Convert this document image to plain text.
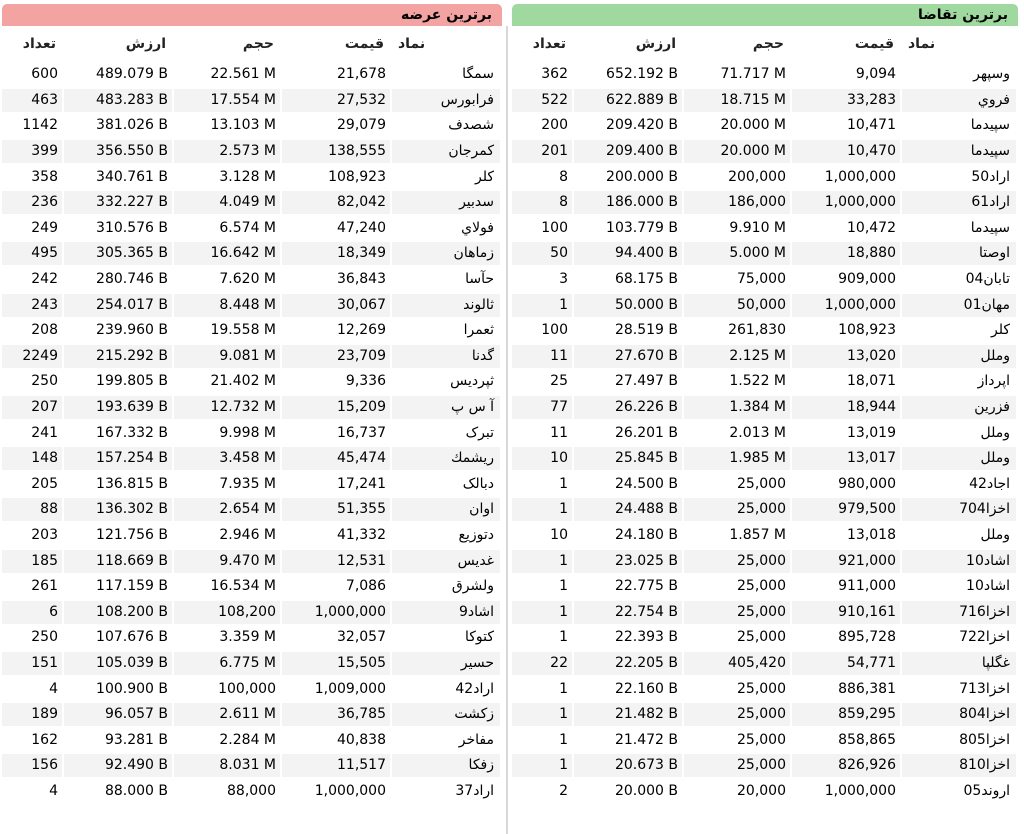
برترین عرضه
تعداد	ارزش	حجم	قیمت	نماد
600	489.079 B	22.561 M	21,678	سمگا
463	483.283 B	17.554 M	27,532	فرابورس
1142	381.026 B	13.103 M	29,079	شصدف
399	356.550 B	2.573 M	138,555	کمرجان
358	340.761 B	3.128 M	108,923	کلر
236	332.227 B	4.049 M	82,042	سدبیر
249	310.576 B	6.574 M	47,240	فولاي
495	305.365 B	16.642 M	18,349	زماهان
242	280.746 B	7.620 M	36,843	حآسا
243	254.017 B	8.448 M	30,067	ثالوند
208	239.960 B	19.558 M	12,269	ثعمرا
2249	215.292 B	9.081 M	23,709	گدنا
250	199.805 B	21.402 M	9,336	ثپردیس
207	193.639 B	12.732 M	15,209	آ س پ
241	167.332 B	9.998 M	16,737	تبرک
148	157.254 B	3.458 M	45,474	ریشمك
205	136.815 B	7.935 M	17,241	دبالک
88	136.302 B	2.654 M	51,355	اوان
203	121.756 B	2.946 M	41,332	دتوزیع
185	118.669 B	9.470 M	12,531	غدیس
261	117.159 B	16.534 M	7,086	ولشرق
6	108.200 B	108,200	1,000,000	اشاد9
250	107.676 B	3.359 M	32,057	کتوکا
151	105.039 B	6.775 M	15,505	حسیر
4	100.900 B	100,000	1,009,000	اراد42
189	96.057 B	2.611 M	36,785	زکشت
162	93.281 B	2.284 M	40,838	مفاخر
156	92.490 B	8.031 M	11,517	زفکا
4	88.000 B	88,000	1,000,000	اراد37
برترین تقاضا
تعداد	ارزش	حجم	قیمت	نماد
362	652.192 B	71.717 M	9,094	وسپهر
522	622.889 B	18.715 M	33,283	فروي
200	209.420 B	20.000 M	10,471	سپیدما
201	209.400 B	20.000 M	10,470	سپیدما
8	200.000 B	200,000	1,000,000	اراد50
8	186.000 B	186,000	1,000,000	اراد61
100	103.779 B	9.910 M	10,472	سپیدما
50	94.400 B	5.000 M	18,880	اوصتا
3	68.175 B	75,000	909,000	تابان04
1	50.000 B	50,000	1,000,000	مهان01
100	28.519 B	261,830	108,923	کلر
11	27.670 B	2.125 M	13,020	وملل
25	27.497 B	1.522 M	18,071	اپرداز
77	26.226 B	1.384 M	18,944	فزرین
11	26.201 B	2.013 M	13,019	وملل
10	25.845 B	1.985 M	13,017	وملل
1	24.500 B	25,000	980,000	اجاد42
1	24.488 B	25,000	979,500	اخزا704
10	24.180 B	1.857 M	13,018	وملل
1	23.025 B	25,000	921,000	اشاد10
1	22.775 B	25,000	911,000	اشاد10
1	22.754 B	25,000	910,161	اخزا716
1	22.393 B	25,000	895,728	اخزا722
22	22.205 B	405,420	54,771	غگلپا
1	22.160 B	25,000	886,381	اخزا713
1	21.482 B	25,000	859,295	اخزا804
1	21.472 B	25,000	858,865	اخزا805
1	20.673 B	25,000	826,926	اخزا810
2	20.000 B	20,000	1,000,000	اروند05
